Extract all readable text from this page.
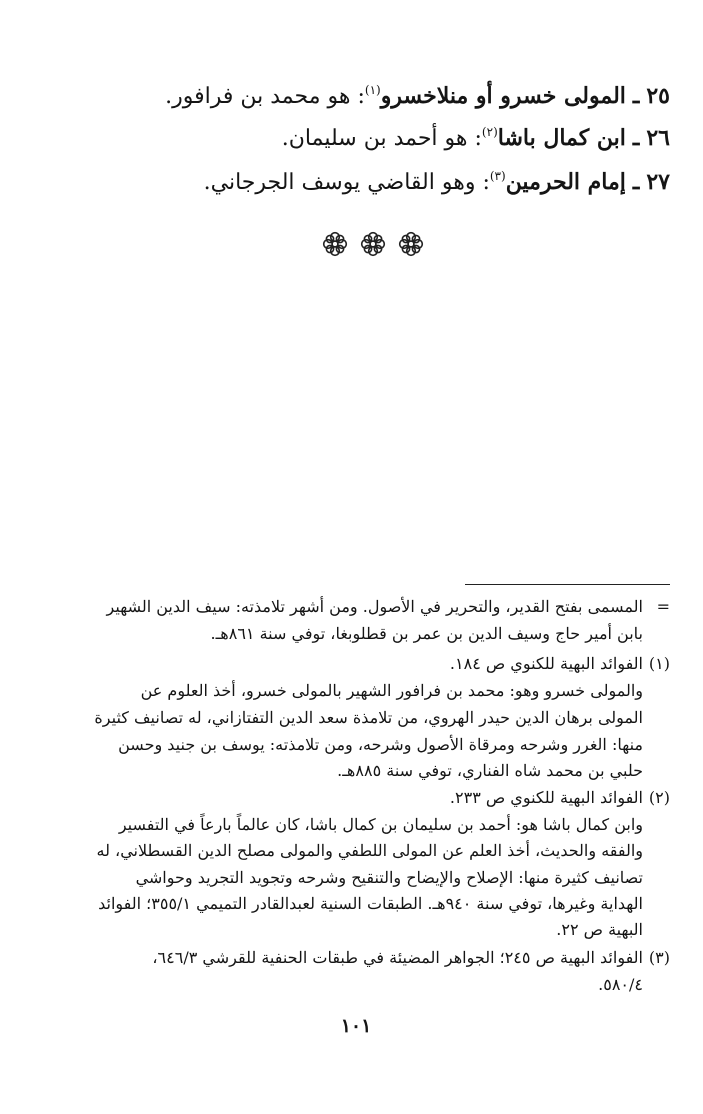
٢٥ ـ المولى خسرو أو منلاخسرو$^{(١)}$: هو محمد بن فرافور.
٢٦ ـ ابن كمال باشا$^{(٢)}$: هو أحمد بن سليمان.
٢٧ ـ إمام الحرمين$^{(٣)}$: وهو القاضي يوسف الجرجاني.
=
المسمى بفتح القدير، والتحرير في الأصول. ومن أشهر تلامذته: سيف الدين الشهير
بابن أمير حاج وسيف الدين بن عمر بن قطلوبغا، توفي سنة ٨٦١هـ.
(١)
الفوائد البهية للكنوي ص ١٨٤.
والمولى خسرو وهو: محمد بن فرافور الشهير بالمولى خسرو، أخذ العلوم عن
المولى برهان الدين حيدر الهروي، من تلامذة سعد الدين التفتازاني، له تصانيف كثيرة
منها: الغرر وشرحه ومرقاة الأصول وشرحه، ومن تلامذته: يوسف بن جنيد وحسن
حلبي بن محمد شاه الفناري، توفي سنة ٨٨٥هـ.
(٢)
الفوائد البهية للكنوي ص ٢٣٣.
وابن كمال باشا هو: أحمد بن سليمان بن كمال باشا، كان عالماً بارعاً في التفسير
والفقه والحديث، أخذ العلم عن المولى اللطفي والمولى مصلح الدين القسطلاني، له
تصانيف كثيرة منها: الإصلاح والإيضاح والتنقيح وشرحه وتجويد التجريد وحواشي
الهداية وغيرها، توفي سنة ٩٤٠هـ. الطبقات السنية لعبدالقادر التميمي ٣٥٥/١؛ الفوائد
البهية ص ٢٢.
(٣)
الفوائد البهية ص ٢٤٥؛ الجواهر المضيئة في طبقات الحنفية للقرشي ٦٤٦/٣،
٥٨٠/٤.
١٠١
